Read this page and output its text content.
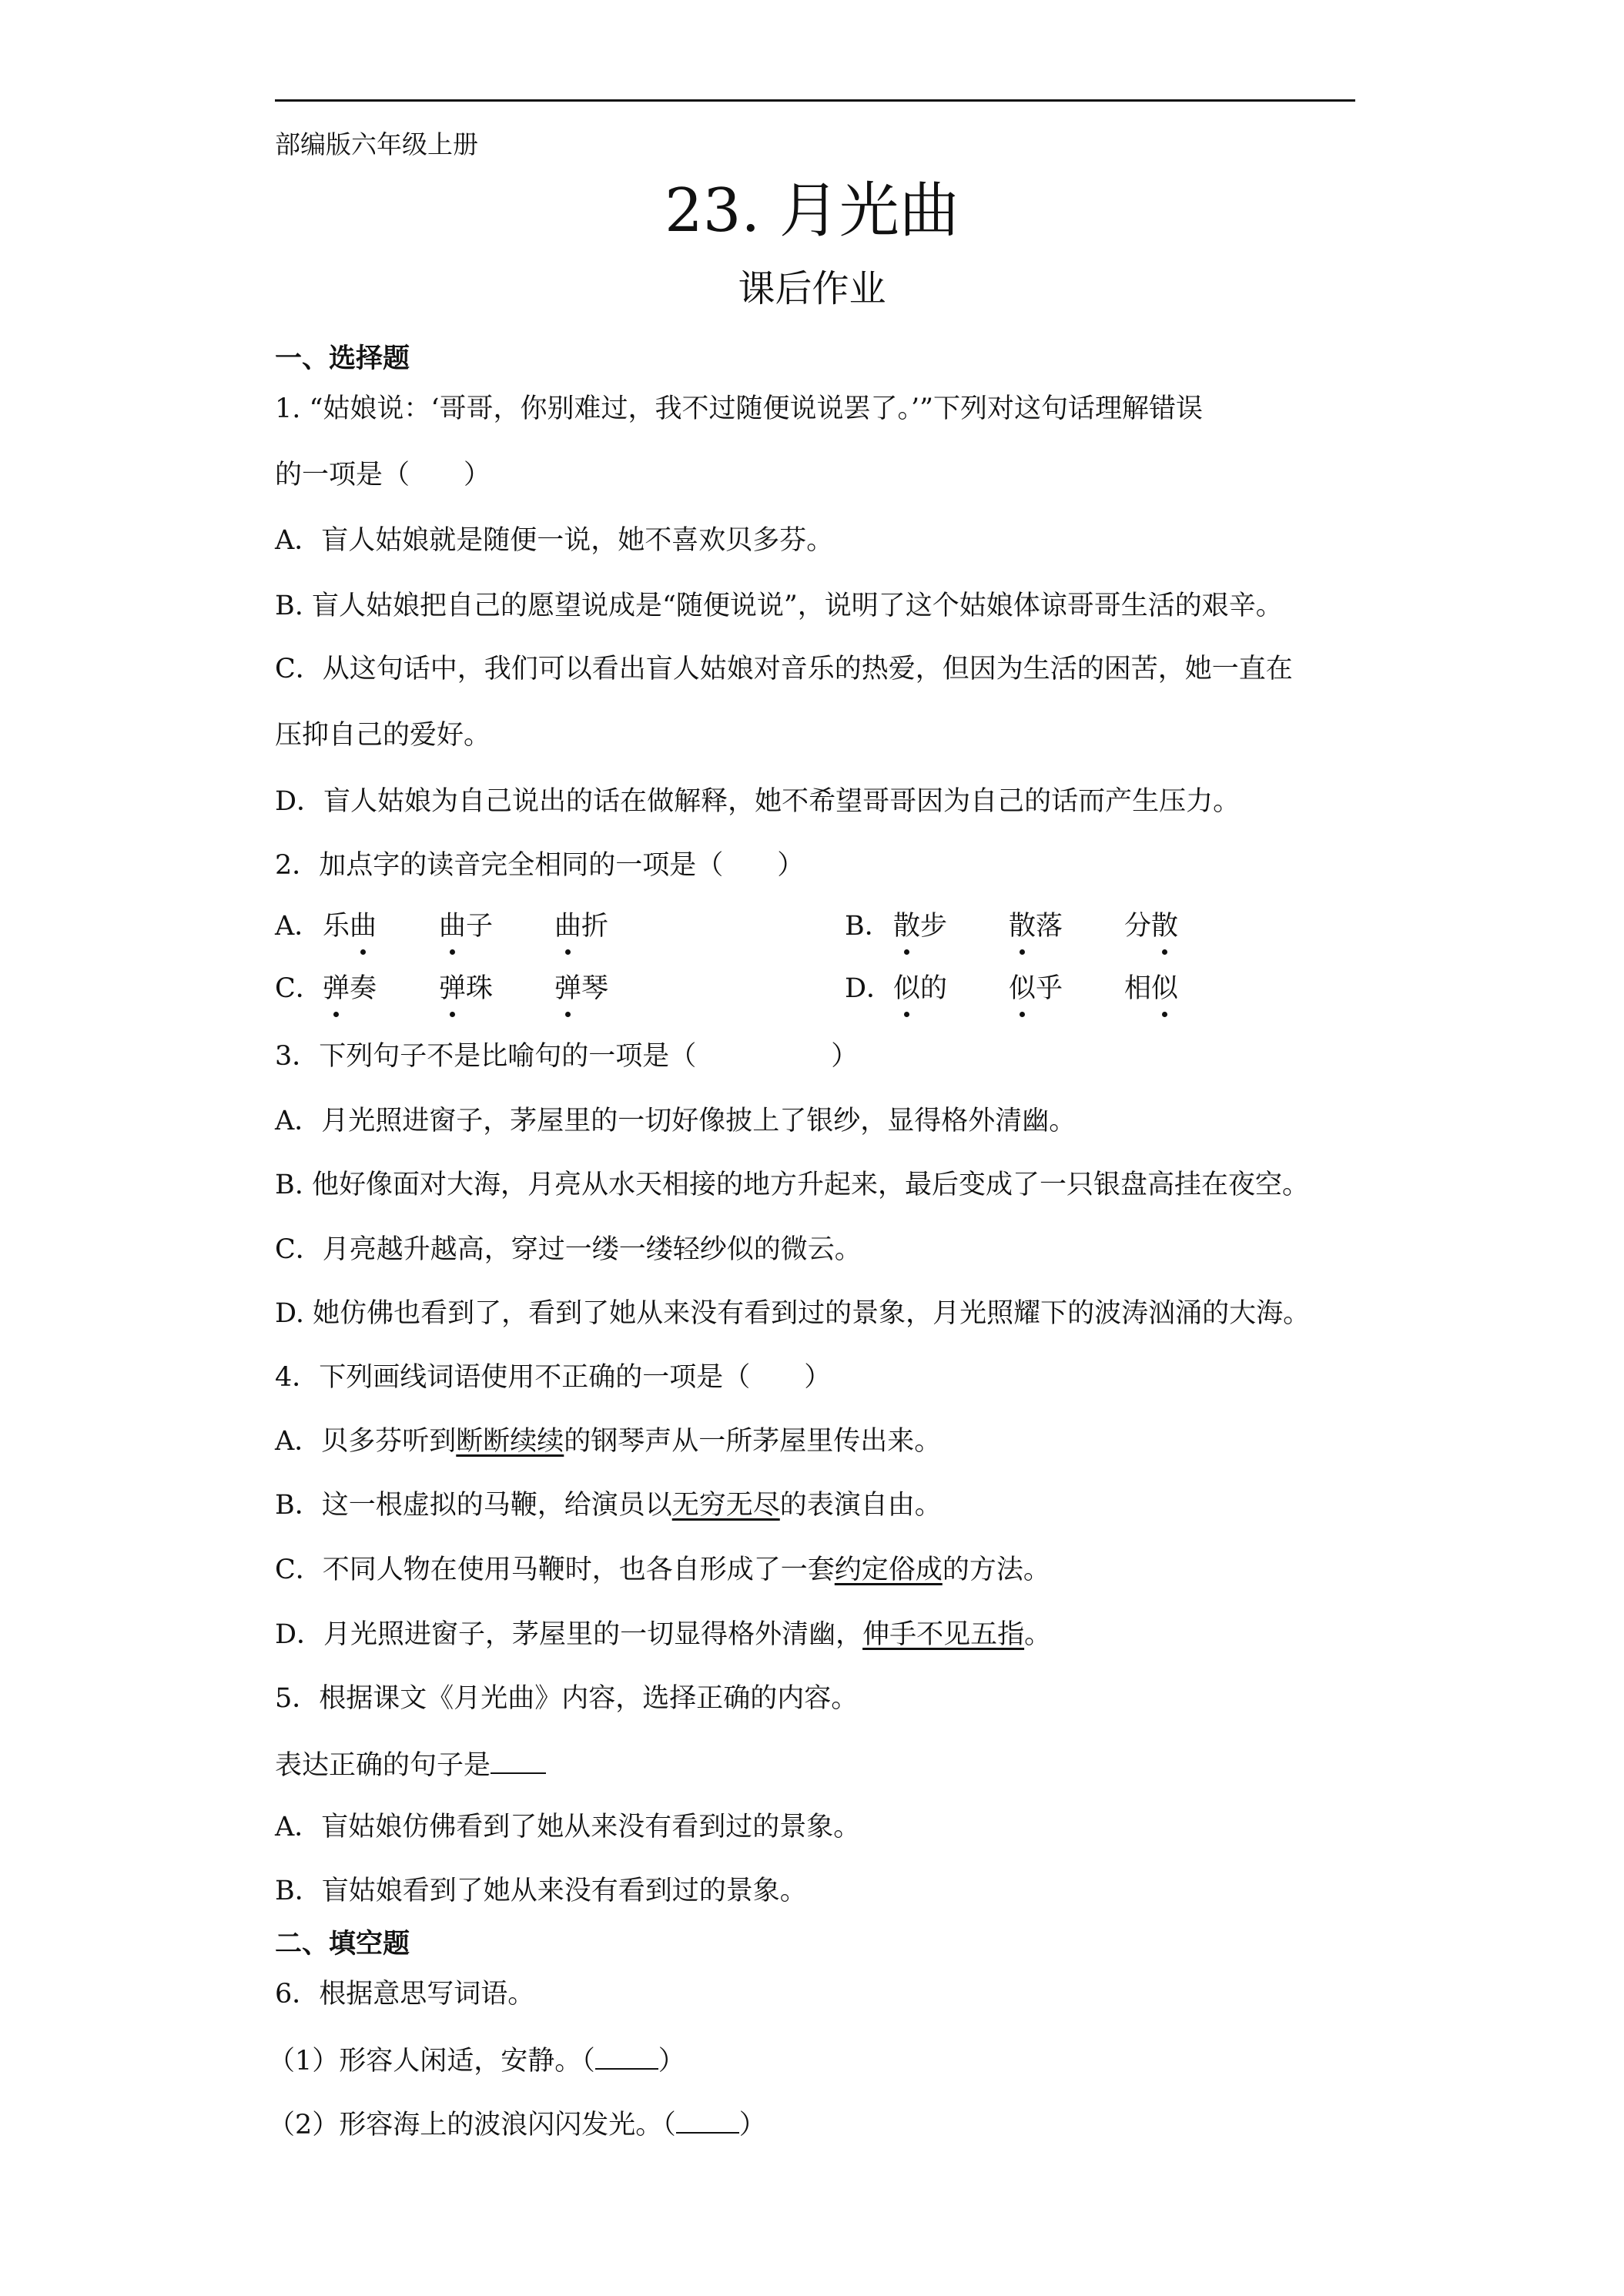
部编版六年级上册
23. 月光曲
课后作业
一、选择题
1. “姑娘说：‘哥哥，你别难过，我不过随便说说罢了。’”下列对这句话理解错误
的一项是（　　）
A．盲人姑娘就是随便一说，她不喜欢贝多芬。
B. 盲人姑娘把自己的愿望说成是“随便说说”，说明了这个姑娘体谅哥哥生活的艰辛。
C．从这句话中，我们可以看出盲人姑娘对音乐的热爱，但因为生活的困苦，她一直在
压抑自己的爱好。
D．盲人姑娘为自己说出的话在做解释，她不希望哥哥因为自己的话而产生压力。
2．加点字的读音完全相同的一项是（　　）
A． 乐曲 曲子 曲折	B． 散步 散落 分散
C． 弹奏 弹珠 弹琴	D． 似的 似乎 相似
3．下列句子不是比喻句的一项是（　　　　　）
A．月光照进窗子，茅屋里的一切好像披上了银纱，显得格外清幽。
B. 他好像面对大海，月亮从水天相接的地方升起来，最后变成了一只银盘高挂在夜空。
C．月亮越升越高，穿过一缕一缕轻纱似的微云。
D. 她仿佛也看到了，看到了她从来没有看到过的景象，月光照耀下的波涛汹涌的大海。
4．下列画线词语使用不正确的一项是（　　）
A．贝多芬听到断断续续的钢琴声从一所茅屋里传出来。
B．这一根虚拟的马鞭，给演员以无穷无尽的表演自由。
C．不同人物在使用马鞭时，也各自形成了一套约定俗成的方法。
D．月光照进窗子，茅屋里的一切显得格外清幽，伸手不见五指。
5．根据课文《月光曲》内容，选择正确的内容。
表达正确的句子是
A．盲姑娘仿佛看到了她从来没有看到过的景象。
B．盲姑娘看到了她从来没有看到过的景象。
二、填空题
6．根据意思写词语。
（1）形容人闲适，安静。（ ）
（2）形容海上的波浪闪闪发光。（ ）
